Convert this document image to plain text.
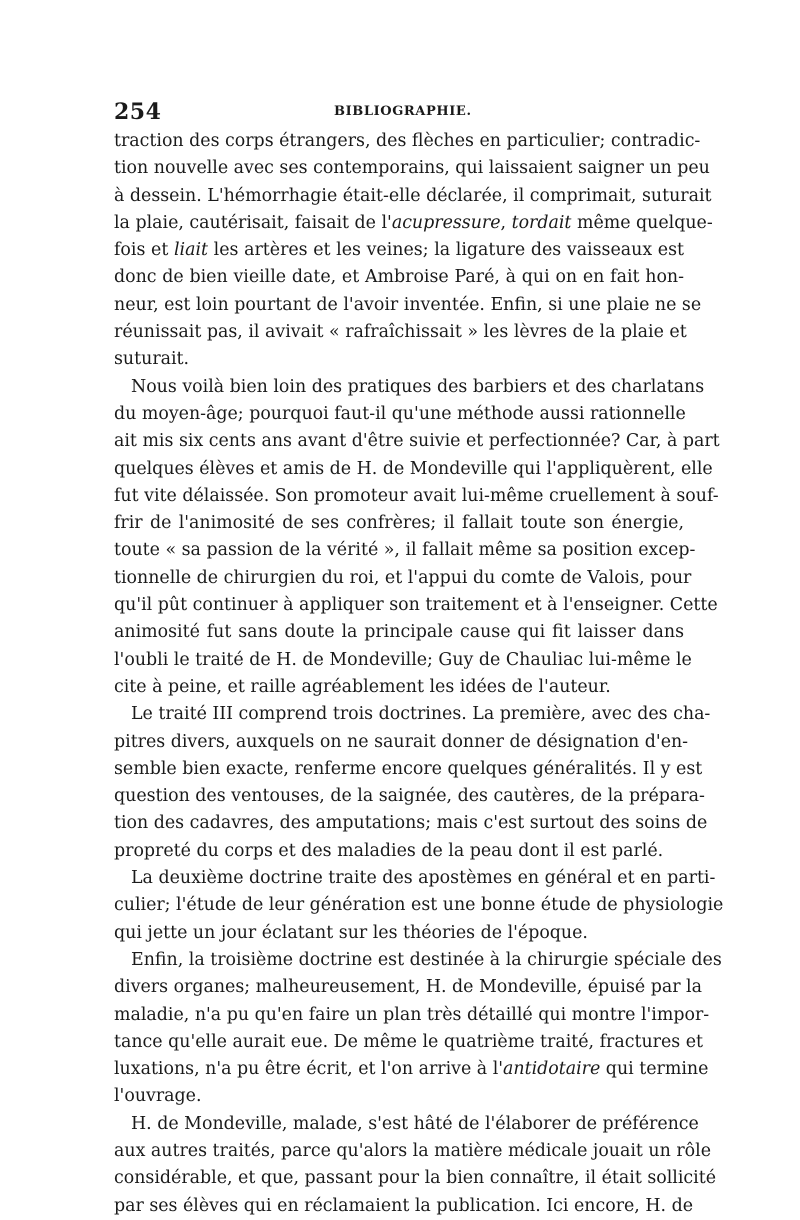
254	BIBLIOGRAPHIE.
traction des corps étrangers, des flèches en particulier; contradic-
tion nouvelle avec ses contemporains, qui laissaient saigner un peu
à dessein. L'hémorrhagie était-elle déclarée, il comprimait, suturait
la plaie, cautérisait, faisait de l'acupressure, tordait même quelque-
fois et liait les artères et les veines; la ligature des vaisseaux est
donc de bien vieille date, et Ambroise Paré, à qui on en fait hon-
neur, est loin pourtant de l'avoir inventée. Enfin, si une plaie ne se
réunissait pas, il avivait « rafraîchissait » les lèvres de la plaie et
suturait.
Nous voilà bien loin des pratiques des barbiers et des charlatans
du moyen-âge; pourquoi faut-il qu'une méthode aussi rationnelle
ait mis six cents ans avant d'être suivie et perfectionnée? Car, à part
quelques élèves et amis de H. de Mondeville qui l'appliquèrent, elle
fut vite délaissée. Son promoteur avait lui-même cruellement à souf-
frir de l'animosité de ses confrères; il fallait toute son énergie,
toute « sa passion de la vérité », il fallait même sa position excep-
tionnelle de chirurgien du roi, et l'appui du comte de Valois, pour
qu'il pût continuer à appliquer son traitement et à l'enseigner. Cette
animosité fut sans doute la principale cause qui fit laisser dans
l'oubli le traité de H. de Mondeville; Guy de Chauliac lui-même le
cite à peine, et raille agréablement les idées de l'auteur.
Le traité III comprend trois doctrines. La première, avec des cha-
pitres divers, auxquels on ne saurait donner de désignation d'en-
semble bien exacte, renferme encore quelques généralités. Il y est
question des ventouses, de la saignée, des cautères, de la prépara-
tion des cadavres, des amputations; mais c'est surtout des soins de
propreté du corps et des maladies de la peau dont il est parlé.
La deuxième doctrine traite des apostèmes en général et en parti-
culier; l'étude de leur génération est une bonne étude de physiologie
qui jette un jour éclatant sur les théories de l'époque.
Enfin, la troisième doctrine est destinée à la chirurgie spéciale des
divers organes; malheureusement, H. de Mondeville, épuisé par la
maladie, n'a pu qu'en faire un plan très détaillé qui montre l'impor-
tance qu'elle aurait eue. De même le quatrième traité, fractures et
luxations, n'a pu être écrit, et l'on arrive à l'antidotaire qui termine
l'ouvrage.
H. de Mondeville, malade, s'est hâté de l'élaborer de préférence
aux autres traités, parce qu'alors la matière médicale jouait un rôle
considérable, et que, passant pour la bien connaître, il était sollicité
par ses élèves qui en réclamaient la publication. Ici encore, H. de
